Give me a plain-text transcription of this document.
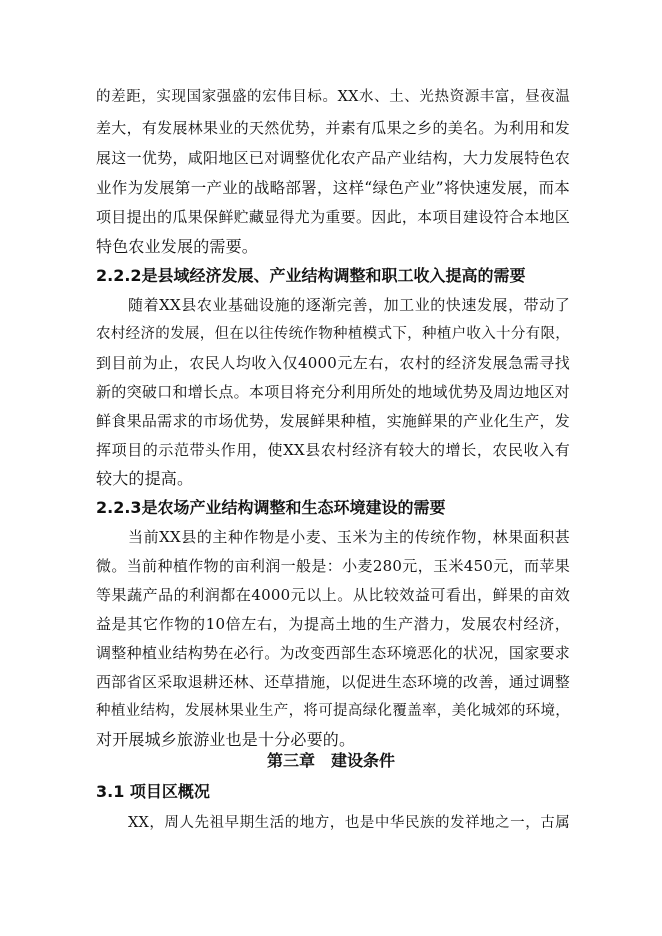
的差距，实现国家强盛的宏伟目标。XX水、土、光热资源丰富，昼夜温
差大，有发展林果业的天然优势，并素有瓜果之乡的美名。为利用和发
展这一优势，咸阳地区已对调整优化农产品产业结构，大力发展特色农
业作为发展第一产业的战略部署，这样“绿色产业”将快速发展，而本
项目提出的瓜果保鲜贮藏显得尤为重要。因此，本项目建设符合本地区
特色农业发展的需要。
2.2.2是县域经济发展、产业结构调整和职工收入提高的需要
随着XX县农业基础设施的逐渐完善，加工业的快速发展，带动了
农村经济的发展，但在以往传统作物种植模式下，种植户收入十分有限，
到目前为止，农民人均收入仅4000元左右，农村的经济发展急需寻找
新的突破口和增长点。本项目将充分利用所处的地域优势及周边地区对
鲜食果品需求的市场优势，发展鲜果种植，实施鲜果的产业化生产，发
挥项目的示范带头作用，使XX县农村经济有较大的增长，农民收入有
较大的提高。
2.2.3是农场产业结构调整和生态环境建设的需要
当前XX县的主种作物是小麦、玉米为主的传统作物，林果面积甚
微。当前种植作物的亩利润一般是：小麦280元，玉米450元，而苹果
等果蔬产品的利润都在4000元以上。从比较效益可看出，鲜果的亩效
益是其它作物的10倍左右，为提高土地的生产潜力，发展农村经济，
调整种植业结构势在必行。为改变西部生态环境恶化的状况，国家要求
西部省区采取退耕还林、还草措施，以促进生态环境的改善，通过调整
种植业结构，发展林果业生产，将可提高绿化覆盖率，美化城郊的环境，
对开展城乡旅游业也是十分必要的。
第三章　建设条件
3.1 项目区概况
XX，周人先祖早期生活的地方，也是中华民族的发祥地之一，古属
